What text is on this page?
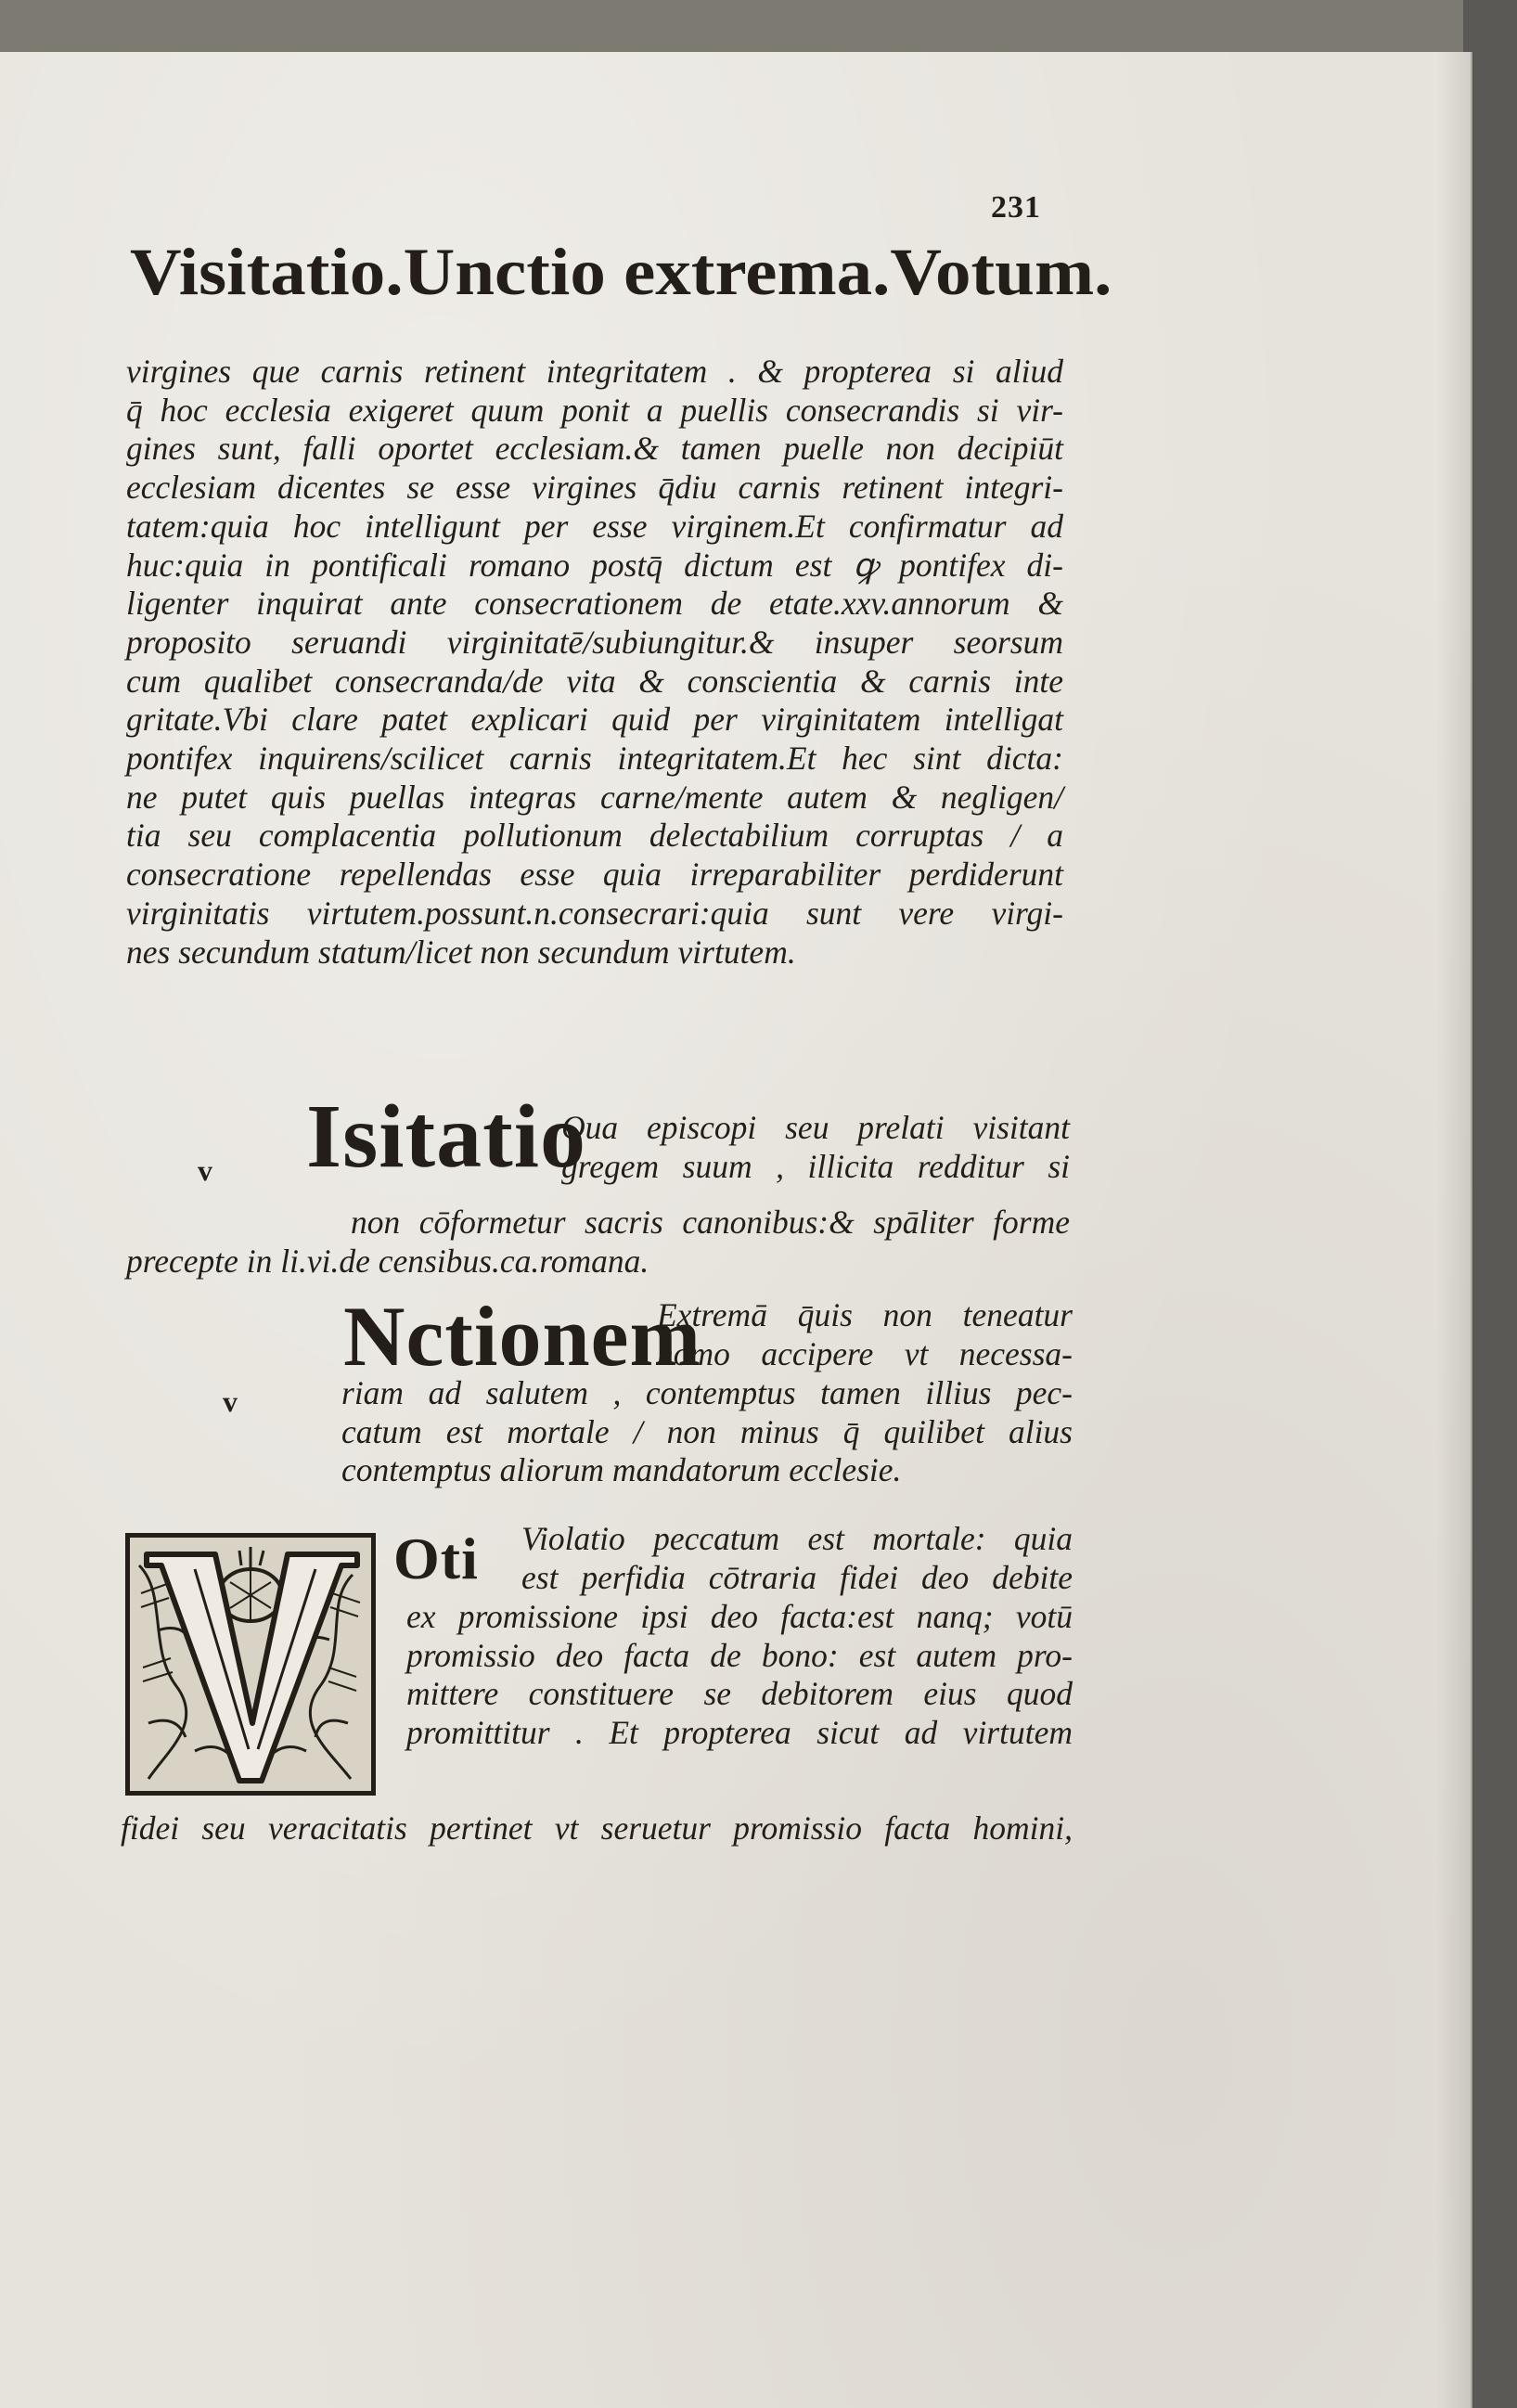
231
Visitatio.Unctio extrema.Votum.
virgines que carnis retinent integritatem . & propterea si aliud
q̄ hoc ecclesia exigeret quum ponit a puellis consecrandis si vir-
gines sunt, falli oportet ecclesiam.& tamen puelle non decipiūt
ecclesiam dicentes se esse virgines q̄diu carnis retinent integri-
tatem:quia hoc intelligunt per esse virginem.Et confirmatur ad
huc:quia in pontificali romano postq̄ dictum est ꝙ pontifex di-
ligenter inquirat ante consecrationem de etate.xxv.annorum &
proposito seruandi virginitatē/subiungitur.& insuper seorsum
cum qualibet consecranda/de vita & conscientia & carnis inte
gritate.Vbi clare patet explicari quid per virginitatem intelligat
pontifex inquirens/scilicet carnis integritatem.Et hec sint dicta:
ne putet quis puellas integras carne/mente autem & negligen/
tia seu complacentia pollutionum delectabilium corruptas / a
consecratione repellendas esse quia irreparabiliter perdiderunt
virginitatis virtutem.possunt.n.consecrari:quia sunt vere virgi-
nes secundum statum/licet non secundum virtutem.
v Isitatio
Qua episcopi seu prelati visitant
gregem suum , illicita redditur si
non cōformetur sacris canonibus:& spāliter forme
precepte in li.vi.de censibus.ca.romana.
v
Nctionem
Extremā q̄uis non teneatur
homo accipere vt necessa-
riam ad salutem , contemptus tamen illius pec-
catum est mortale / non minus q̄ quilibet alius
contemptus aliorum mandatorum ecclesie.
Oti Violatio peccatum est mortale: quia
est perfidia cōtraria fidei deo debite
ex promissione ipsi deo facta:est nanq; votū
promissio deo facta de bono: est autem pro-
mittere constituere se debitorem eius quod
promittitur . Et propterea sicut ad virtutem
fidei seu veracitatis pertinet vt seruetur promissio facta homini,
